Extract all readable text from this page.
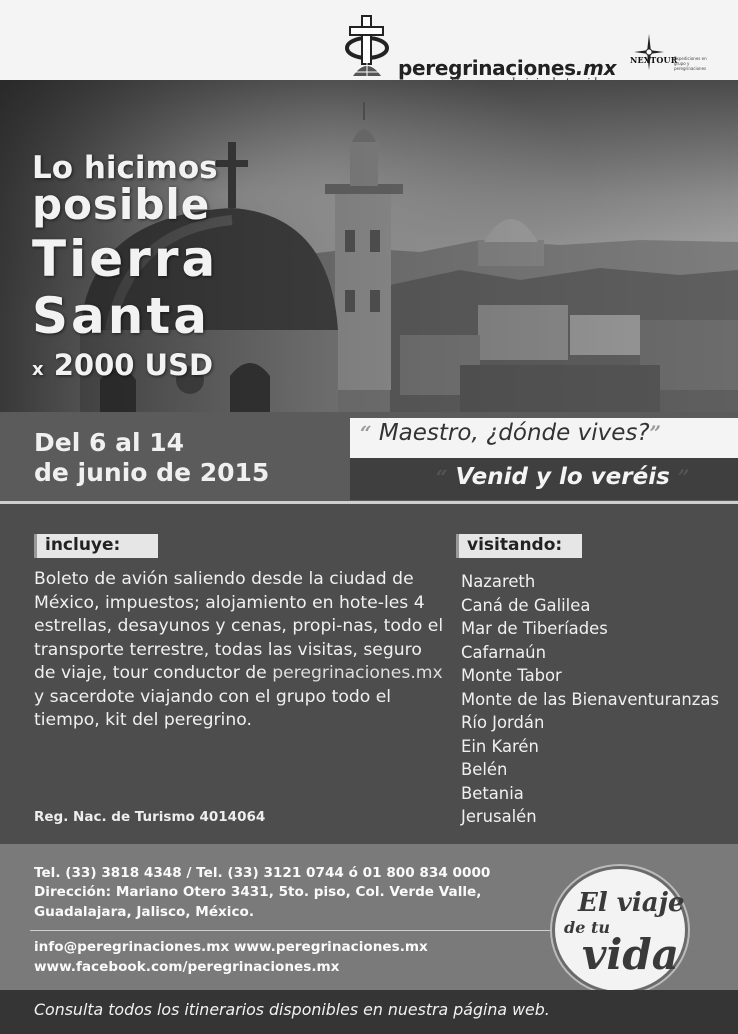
peregrinaciones.mx NEXTOUR
Expediciones en grupo y peregrinaciones
Lo hicimos
posible
Tierra
Santa
x 2000 USD
Del 6 al 14
de junio de 2015
“ Maestro, ¿dónde vives?”
“ Venid y lo veréis ”
incluye:	visitando:
Boleto de avión saliendo desde la ciudad de México, impuestos; alojamiento en hote-les 4 estrellas, desayunos y cenas, propi-nas, todo el transporte terrestre, todas las visitas, seguro de viaje, tour conductor de peregrinaciones.mx y sacerdote viajando con el grupo todo el tiempo, kit del peregrino.
Nazareth
Caná de Galilea
Mar de Tiberíades
Cafarnaún
Monte Tabor
Monte de las Bienaventuranzas
Río Jordán
Ein Karén
Belén
Betania
Jerusalén
Reg. Nac. de Turismo 4014064
Tel. (33) 3818 4348 / Tel. (33) 3121 0744 ó 01 800 834 0000
Dirección: Mariano Otero 3431, 5to. piso, Col. Verde Valle,
Guadalajara, Jalisco, México.
info@peregrinaciones.mx www.peregrinaciones.mx
www.facebook.com/peregrinaciones.mx
El viaje
de tu
vida
Consulta todos los itinerarios disponibles en nuestra página web.
